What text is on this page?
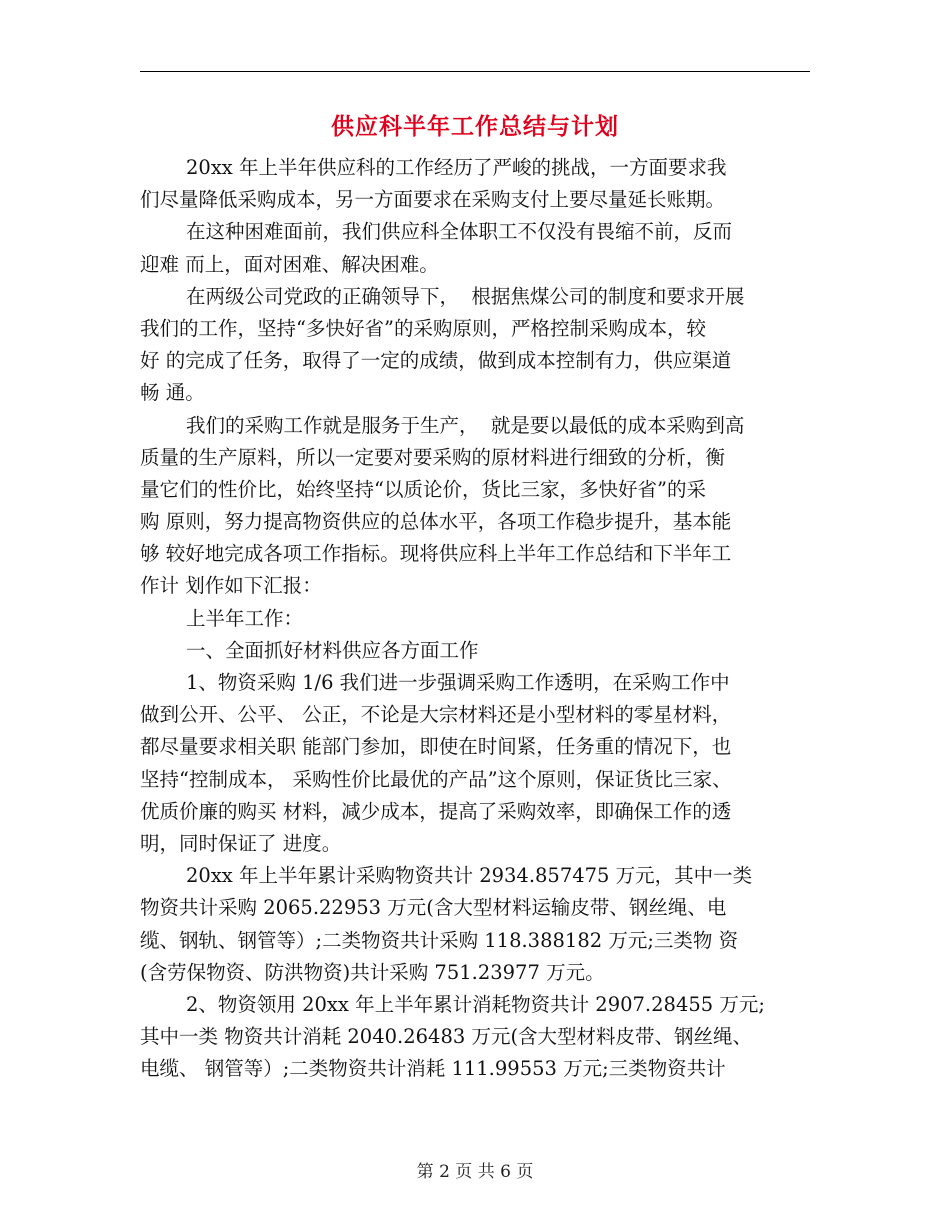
供应科半年工作总结与计划
20xx 年上半年供应科的工作经历了严峻的挑战，一方面要求我
们尽量降低采购成本，另一方面要求在采购支付上要尽量延长账期。
在这种困难面前，我们供应科全体职工不仅没有畏缩不前，反而
迎难 而上，面对困难、解决困难。
在两级公司党政的正确领导下，  根据焦煤公司的制度和要求开展
我们的工作，坚持“多快好省”的采购原则，严格控制采购成本，较
好 的完成了任务，取得了一定的成绩，做到成本控制有力，供应渠道
畅 通。
我们的采购工作就是服务于生产，  就是要以最低的成本采购到高
质量的生产原料，所以一定要对要采购的原材料进行细致的分析，衡
量它们的性价比，始终坚持“以质论价，货比三家，多快好省”的采
购 原则，努力提高物资供应的总体水平，各项工作稳步提升，基本能
够 较好地完成各项工作指标。现将供应科上半年工作总结和下半年工
作计 划作如下汇报：
上半年工作：
一、全面抓好材料供应各方面工作
1、物资采购 1/6 我们进一步强调采购工作透明，在采购工作中
做到公开、公平、 公正，不论是大宗材料还是小型材料的零星材料，
都尽量要求相关职 能部门参加，即使在时间紧，任务重的情况下，也
坚持“控制成本， 采购性价比最优的产品”这个原则，保证货比三家、
优质价廉的购买 材料，减少成本，提高了采购效率，即确保工作的透
明，同时保证了 进度。
20xx 年上半年累计采购物资共计 2934.857475 万元，其中一类
物资共计采购 2065.22953 万元(含大型材料运输皮带、钢丝绳、电
缆、钢轨、钢管等）;二类物资共计采购 118.388182 万元;三类物 资
(含劳保物资、防洪物资)共计采购 751.23977 万元。
2、物资领用 20xx 年上半年累计消耗物资共计 2907.28455 万元;
其中一类 物资共计消耗 2040.26483 万元(含大型材料皮带、钢丝绳、
电缆、 钢管等）;二类物资共计消耗 111.99553 万元;三类物资共计
第 2 页 共 6 页
